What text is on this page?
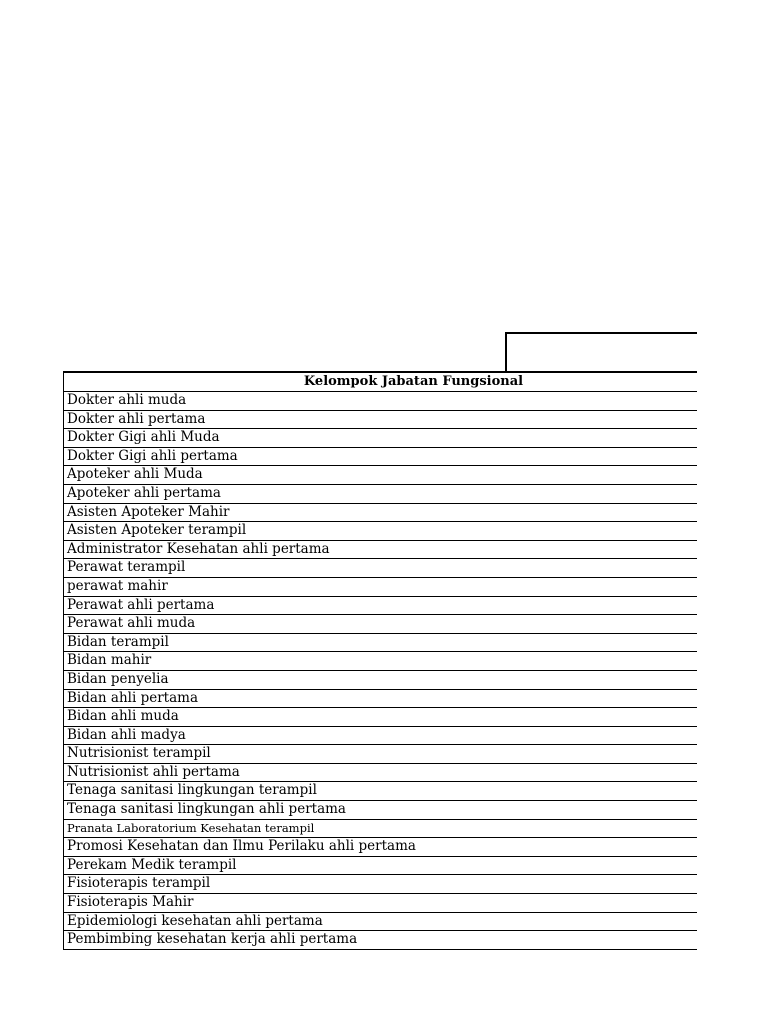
Kelompok Jabatan Fungsional
Dokter ahli muda
Dokter ahli pertama
Dokter Gigi ahli Muda
Dokter Gigi ahli pertama
Apoteker ahli Muda
Apoteker ahli pertama
Asisten Apoteker Mahir
Asisten Apoteker terampil
Administrator Kesehatan ahli pertama
Perawat terampil
perawat mahir
Perawat ahli pertama
Perawat ahli muda
Bidan terampil
Bidan mahir
Bidan penyelia
Bidan ahli pertama
Bidan ahli muda
Bidan ahli madya
Nutrisionist terampil
Nutrisionist ahli pertama
Tenaga sanitasi lingkungan terampil
Tenaga sanitasi lingkungan ahli pertama
Pranata Laboratorium Kesehatan terampil
Promosi Kesehatan dan Ilmu Perilaku ahli pertama
Perekam Medik terampil
Fisioterapis terampil
Fisioterapis Mahir
Epidemiologi kesehatan ahli pertama
Pembimbing kesehatan kerja ahli pertama
